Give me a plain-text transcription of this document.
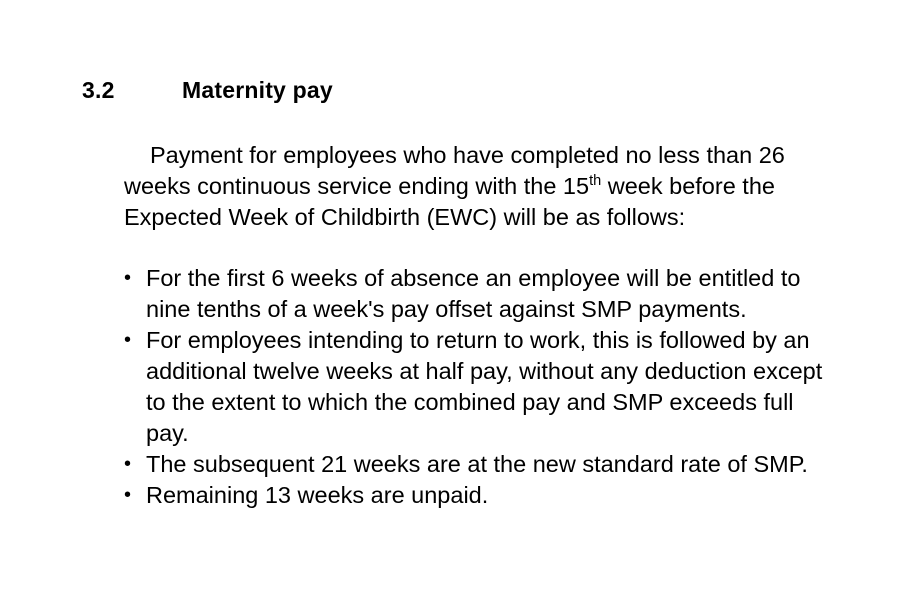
3.2	Maternity pay

Payment for employees who have completed no less than 26 weeks continuous service ending with the 15th week before the Expected Week of Childbirth (EWC) will be as follows:

• For the first 6 weeks of absence an employee will be entitled to nine tenths of a week's pay offset against SMP payments.
• For employees intending to return to work, this is followed by an additional twelve weeks at half pay, without any deduction except to the extent to which the combined pay and SMP exceeds full pay.
• The subsequent 21 weeks are at the new standard rate of SMP.
• Remaining 13 weeks are unpaid.
